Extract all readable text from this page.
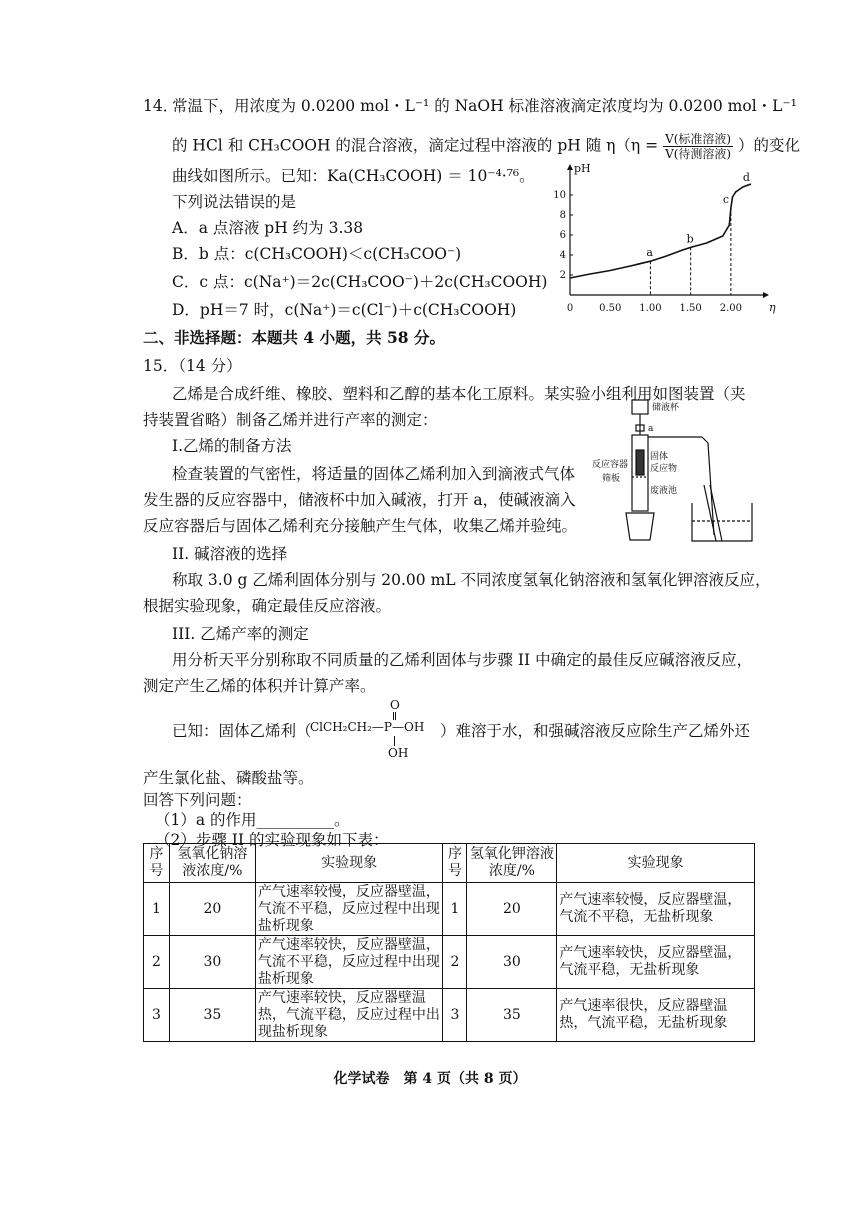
14．
常温下，用浓度为 0.0200 mol・L⁻¹ 的 NaOH 标准溶液滴定浓度均为 0.0200 mol・L⁻¹
的 HCl 和 CH₃COOH 的混合溶液，滴定过程中溶液的 pH 随 $\eta(\eta = \frac{\text{V(标准溶液)}}{\text{V(待测溶液)}}$ ）的变化
曲线如图所示。已知：Ka(CH₃COOH) ＝ 10⁻⁴·⁷⁶。
下列说法错误的是
A．a 点溶液 pH 约为 3.38
B．b 点：c(CH₃COOH)＜c(CH₃COO⁻)
C．c 点：c(Na⁺)＝2c(CH₃COO⁻)＋2c(CH₃COOH)
D．pH＝7 时，c(Na⁺)＝c(Cl⁻)＋c(CH₃COOH)
pH
η
0	0.50 1.00 1.50 2.00
2
4
6
8
10
a
b
c
d
二、非选择题：本题共 4 小题，共 58 分。
15．（14 分）
乙烯是合成纤维、橡胶、塑料和乙醇的基本化工原料。某实验小组利用如图装置（夹
持装置省略）制备乙烯并进行产率的测定：
I.乙烯的制备方法
检查装置的气密性，将适量的固体乙烯利加入到滴液式气体
发生器的反应容器中，储液杯中加入碱液，打开 a，使碱液滴入
反应容器后与固体乙烯利充分接触产生气体，收集乙烯并验纯。
II. 碱溶液的选择
称取 3.0 g 乙烯利固体分别与 20.00 mL 不同浓度氢氧化钠溶液和氢氧化钾溶液反应，
根据实验现象，确定最佳反应溶液。
III. 乙烯产率的测定
用分析天平分别称取不同质量的乙烯利固体与步骤 II 中确定的最佳反应碱溶液反应，
测定产生乙烯的体积并计算产率。
已知：固体乙烯利（
O
ClCH₂CH₂—P—OH
OH
）难溶于水，和强碱溶液反应除生产乙烯外还
产生氯化盐、磷酸盐等。
回答下列问题：
（1）a 的作用__________。
（2）步骤 II 的实验现象如下表：
储液杯
a
固体
反应物
反应容器
筛板
废液池
序号	氢氧化钠溶液浓度/%	实验现象	序号	氢氧化钾溶液浓度/%	实验现象
1	20	产气速率较慢，反应器壁温，气流不平稳，反应过程中出现盐析现象	1	20	产气速率较慢，反应器壁温，气流不平稳，无盐析现象
2	30	产气速率较快，反应器壁温，气流不平稳，反应过程中出现盐析现象	2	30	产气速率较快，反应器壁温，气流平稳，无盐析现象
3	35	产气速率较快，反应器壁温热，气流平稳，反应过程中出现盐析现象	3	35	产气速率很快，反应器壁温热，气流平稳，无盐析现象
化学试卷　第 4 页（共 8 页）
